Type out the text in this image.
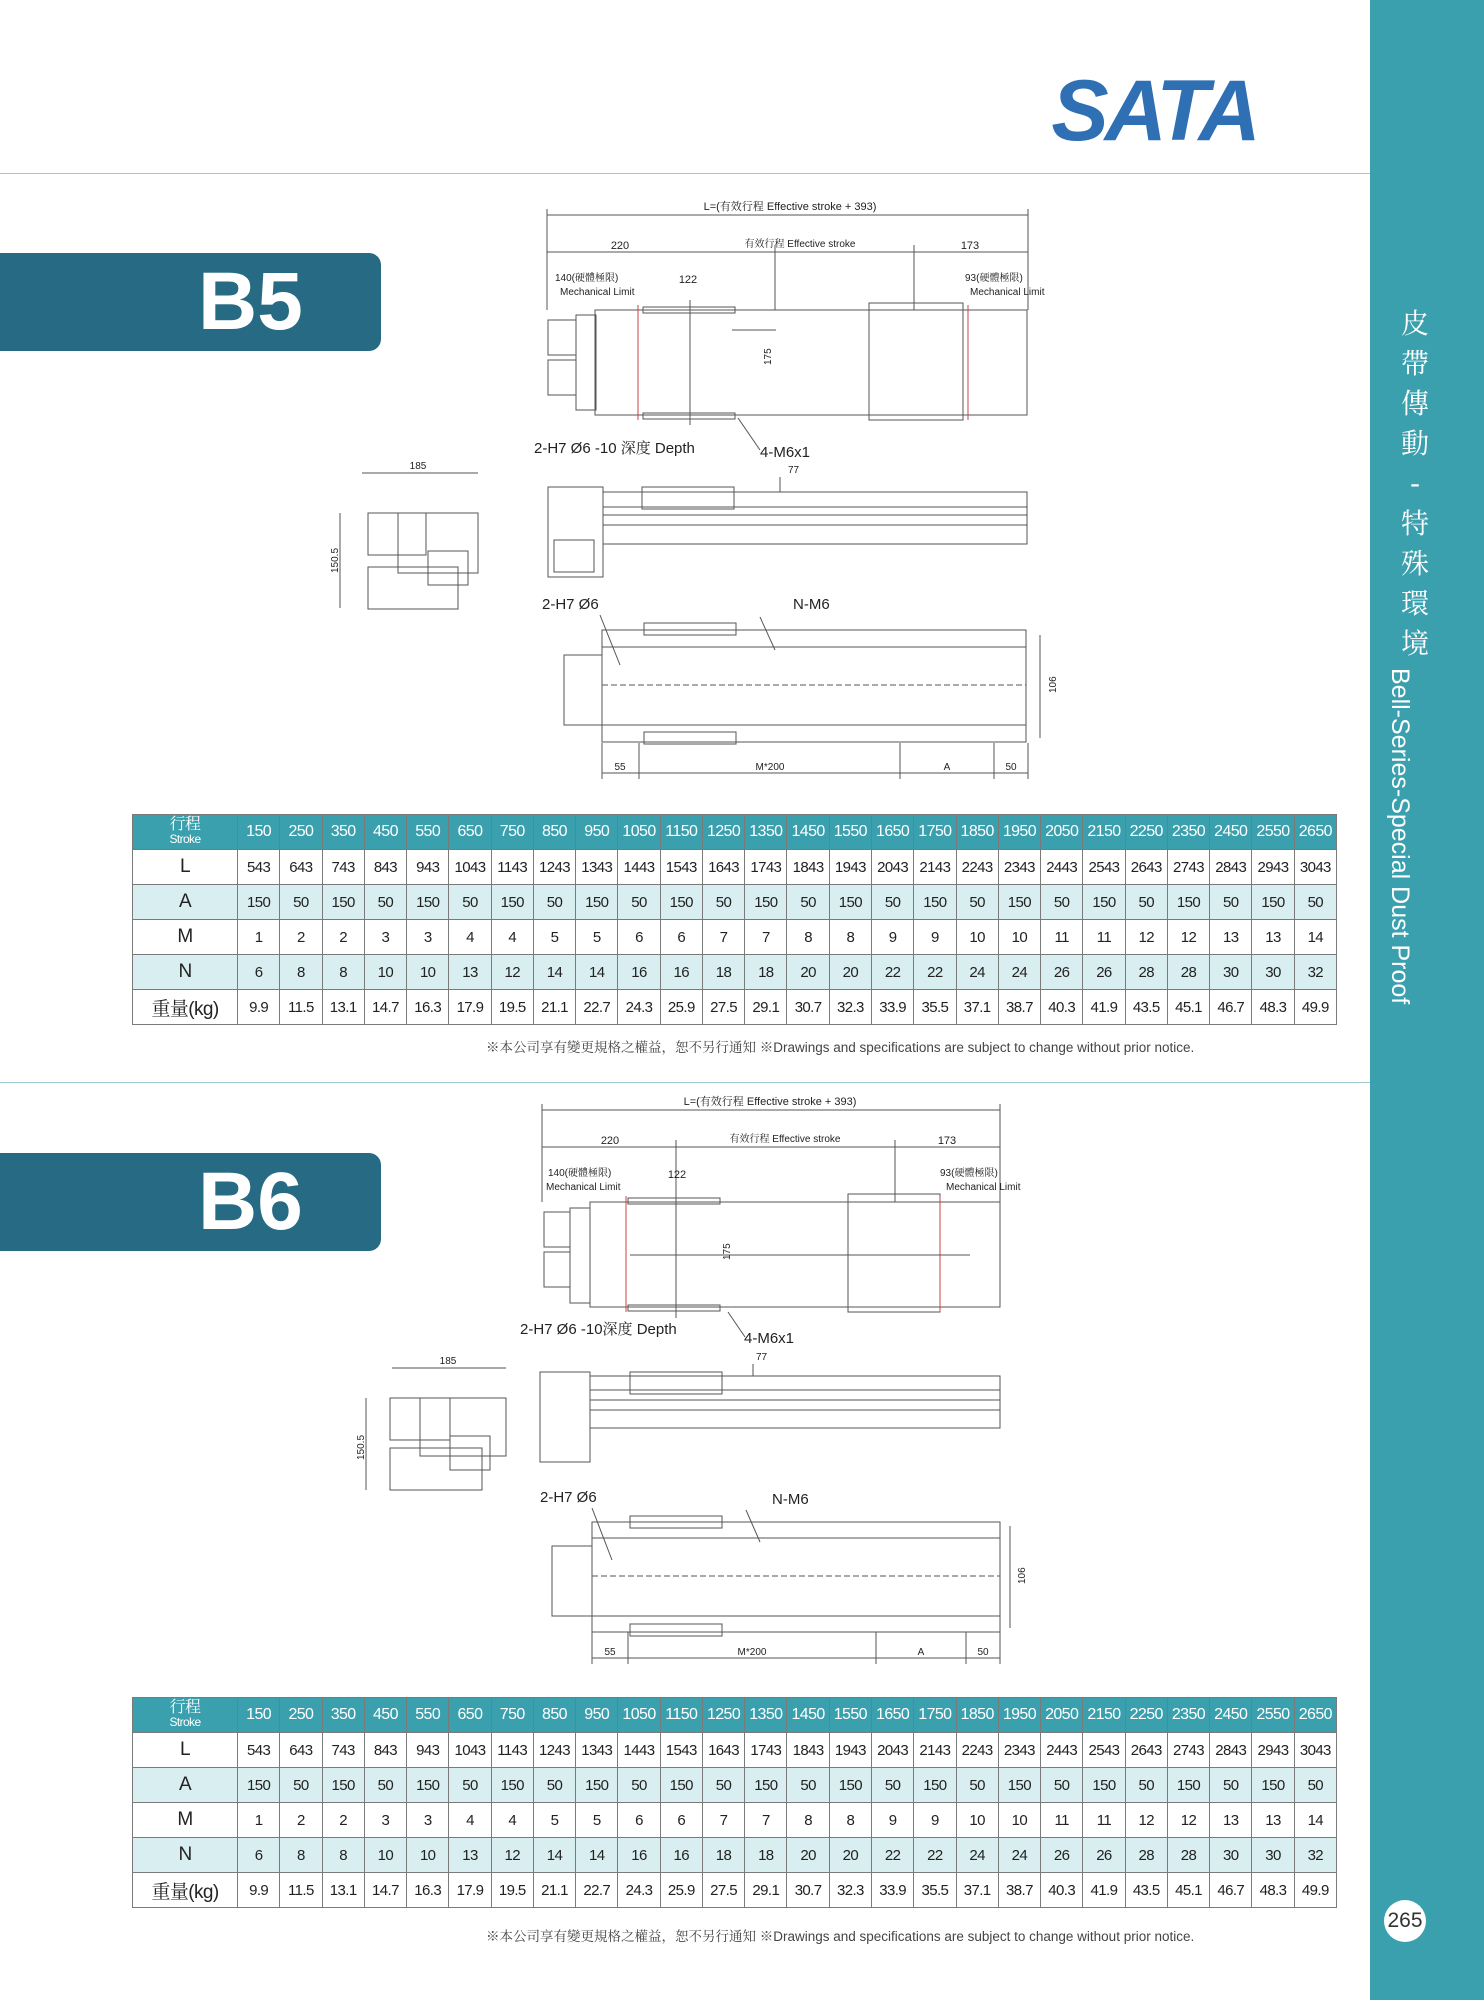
皮
帶
傳
動
-
特
殊
環
境
Bell-Series-Special Dust Proof
265
SATA
B5
L=(有效行程 Effective stroke + 393)
220	有效行程 Effective stroke	173
140(硬體極限)
Mechanical Limit
122	93(硬體極限)
Mechanical Limit
175
2-H7 Ø6 -10 深度 Depth	4-M6x1
77
185
150.5
2-H7 Ø6	N-M6
106
55	M*200	A	50
行程
Stroke	150	250	350	450	550	650	750	850	950	1050	1150	1250	1350	1450	1550	1650	1750	1850	1950	2050	2150	2250	2350	2450	2550	2650
L	543	643	743	843	943	1043	1143	1243	1343	1443	1543	1643	1743	1843	1943	2043	2143	2243	2343	2443	2543	2643	2743	2843	2943	3043
A	150	50	150	50	150	50	150	50	150	50	150	50	150	50	150	50	150	50	150	50	150	50	150	50	150	50
M	1	2	2	3	3	4	4	5	5	6	6	7	7	8	8	9	9	10	10	11	11	12	12	13	13	14
N	6	8	8	10	10	13	12	14	14	16	16	18	18	20	20	22	22	24	24	26	26	28	28	30	30	32
重量(kg)	9.9	11.5	13.1	14.7	16.3	17.9	19.5	21.1	22.7	24.3	25.9	27.5	29.1	30.7	32.3	33.9	35.5	37.1	38.7	40.3	41.9	43.5	45.1	46.7	48.3	49.9
※本公司享有變更規格之權益，恕不另行通知 ※Drawings and specifications are subject to change without prior notice.
B6
L=(有效行程 Effective stroke + 393)
220	有效行程 Effective stroke	173
140(硬體極限)
Mechanical Limit
122	93(硬體極限)
Mechanical Limit
175
2-H7 Ø6 -10深度 Depth
4-M6x1
77
185
150.5
2-H7 Ø6	N-M6
106
55	M*200	A	50
行程
Stroke	150	250	350	450	550	650	750	850	950	1050	1150	1250	1350	1450	1550	1650	1750	1850	1950	2050	2150	2250	2350	2450	2550	2650
L	543	643	743	843	943	1043	1143	1243	1343	1443	1543	1643	1743	1843	1943	2043	2143	2243	2343	2443	2543	2643	2743	2843	2943	3043
A	150	50	150	50	150	50	150	50	150	50	150	50	150	50	150	50	150	50	150	50	150	50	150	50	150	50
M	1	2	2	3	3	4	4	5	5	6	6	7	7	8	8	9	9	10	10	11	11	12	12	13	13	14
N	6	8	8	10	10	13	12	14	14	16	16	18	18	20	20	22	22	24	24	26	26	28	28	30	30	32
重量(kg)	9.9	11.5	13.1	14.7	16.3	17.9	19.5	21.1	22.7	24.3	25.9	27.5	29.1	30.7	32.3	33.9	35.5	37.1	38.7	40.3	41.9	43.5	45.1	46.7	48.3	49.9
※本公司享有變更規格之權益，恕不另行通知 ※Drawings and specifications are subject to change without prior notice.
